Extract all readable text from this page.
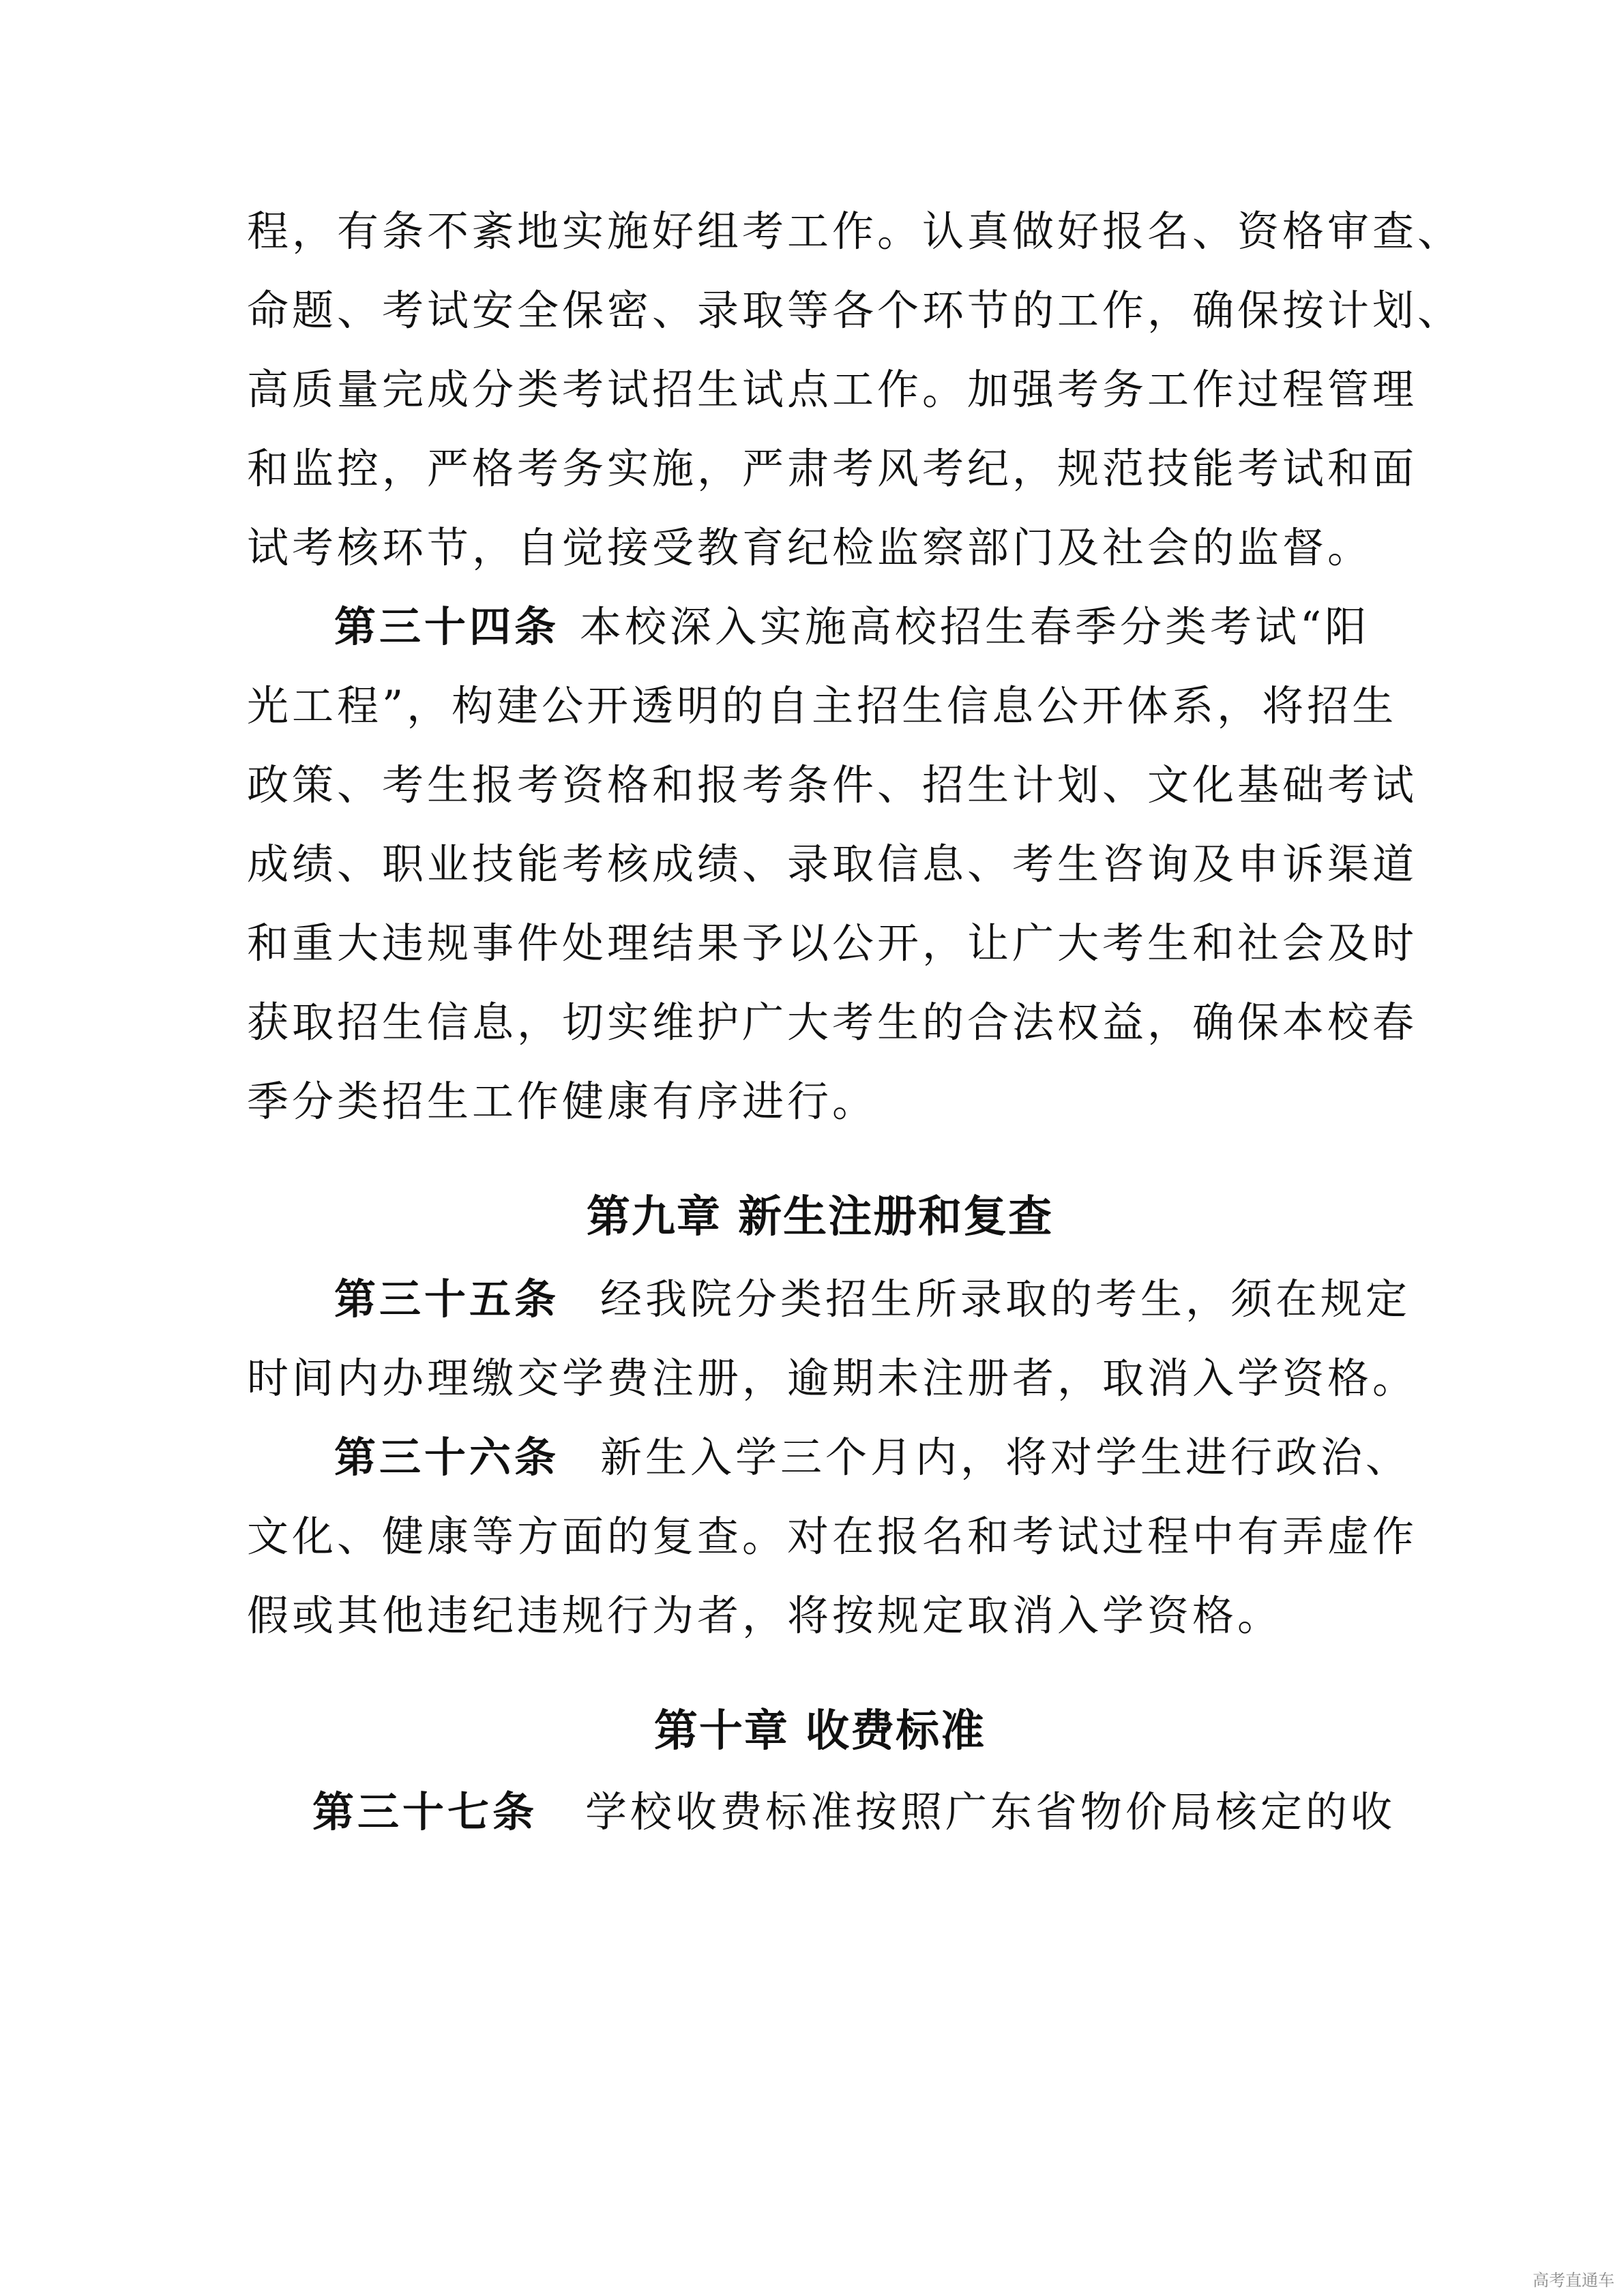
程，有条不紊地实施好组考工作。认真做好报名、资格审查、
命题、考试安全保密、录取等各个环节的工作，确保按计划、
高质量完成分类考试招生试点工作。加强考务工作过程管理
和监控，严格考务实施，严肃考风考纪，规范技能考试和面
试考核环节，自觉接受教育纪检监察部门及社会的监督。
第三十四条 本校深入实施高校招生春季分类考试“阳
光工程”，构建公开透明的自主招生信息公开体系，将招生
政策、考生报考资格和报考条件、招生计划、文化基础考试
成绩、职业技能考核成绩、录取信息、考生咨询及申诉渠道
和重大违规事件处理结果予以公开，让广大考生和社会及时
获取招生信息，切实维护广大考生的合法权益，确保本校春
季分类招生工作健康有序进行。
第九章 新生注册和复查
第三十五条 经我院分类招生所录取的考生，须在规定
时间内办理缴交学费注册，逾期未注册者，取消入学资格。
第三十六条 新生入学三个月内，将对学生进行政治、
文化、健康等方面的复查。对在报名和考试过程中有弄虚作
假或其他违纪违规行为者，将按规定取消入学资格。
第十章 收费标准
第三十七条 学校收费标准按照广东省物价局核定的收
高考直通车
